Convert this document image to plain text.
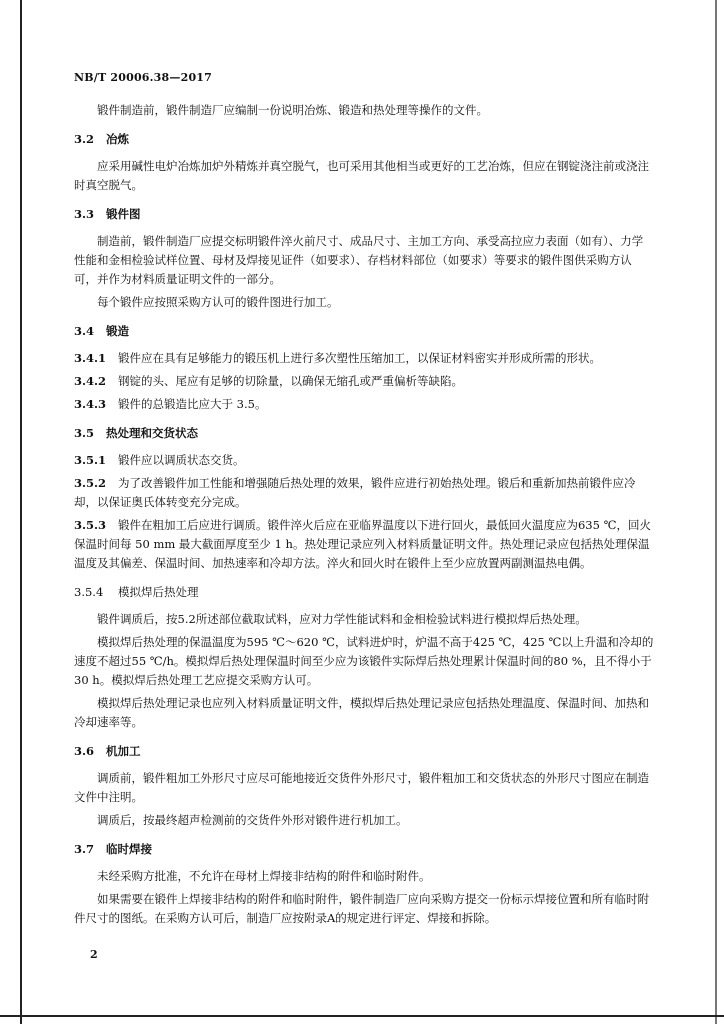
NB/T 20006.38—2017

锻件制造前，锻件制造厂应编制一份说明冶炼、锻造和热处理等操作的文件。

3.2 冶炼

应采用碱性电炉冶炼加炉外精炼并真空脱气，也可采用其他相当或更好的工艺冶炼，但应在钢锭浇注前或浇注时真空脱气。

3.3 锻件图

制造前，锻件制造厂应提交标明锻件淬火前尺寸、成品尺寸、主加工方向、承受高拉应力表面（如有）、力学性能和金相检验试样位置、母材及焊接见证件（如要求）、存档材料部位（如要求）等要求的锻件图供采购方认可，并作为材料质量证明文件的一部分。

每个锻件应按照采购方认可的锻件图进行加工。

3.4 锻造

3.4.1 锻件应在具有足够能力的锻压机上进行多次塑性压缩加工，以保证材料密实并形成所需的形状。

3.4.2 钢锭的头、尾应有足够的切除量，以确保无缩孔或严重偏析等缺陷。

3.4.3 锻件的总锻造比应大于 3.5。

3.5 热处理和交货状态

3.5.1 锻件应以调质状态交货。

3.5.2 为了改善锻件加工性能和增强随后热处理的效果，锻件应进行初始热处理。锻后和重新加热前锻件应冷却，以保证奥氏体转变充分完成。

3.5.3 锻件在粗加工后应进行调质。锻件淬火后应在亚临界温度以下进行回火，最低回火温度应为635 ℃，回火保温时间每 50 mm 最大截面厚度至少 1 h。热处理记录应列入材料质量证明文件。热处理记录应包括热处理保温温度及其偏差、保温时间、加热速率和冷却方法。淬火和回火时在锻件上至少应放置两副测温热电偶。

3.5.4 模拟焊后热处理

锻件调质后，按5.2所述部位截取试料，应对力学性能试料和金相检验试料进行模拟焊后热处理。

模拟焊后热处理的保温温度为595 ℃～620 ℃，试料进炉时，炉温不高于425 ℃，425 ℃以上升温和冷却的速度不超过55 ℃/h。模拟焊后热处理保温时间至少应为该锻件实际焊后热处理累计保温时间的80 %，且不得小于30 h。模拟焊后热处理工艺应提交采购方认可。

模拟焊后热处理记录也应列入材料质量证明文件，模拟焊后热处理记录应包括热处理温度、保温时间、加热和冷却速率等。

3.6 机加工

调质前，锻件粗加工外形尺寸应尽可能地接近交货件外形尺寸，锻件粗加工和交货状态的外形尺寸图应在制造文件中注明。

调质后，按最终超声检测前的交货件外形对锻件进行机加工。

3.7 临时焊接

未经采购方批准，不允许在母材上焊接非结构的附件和临时附件。

如果需要在锻件上焊接非结构的附件和临时附件，锻件制造厂应向采购方提交一份标示焊接位置和所有临时附件尺寸的图纸。在采购方认可后，制造厂应按附录A的规定进行评定、焊接和拆除。

2
